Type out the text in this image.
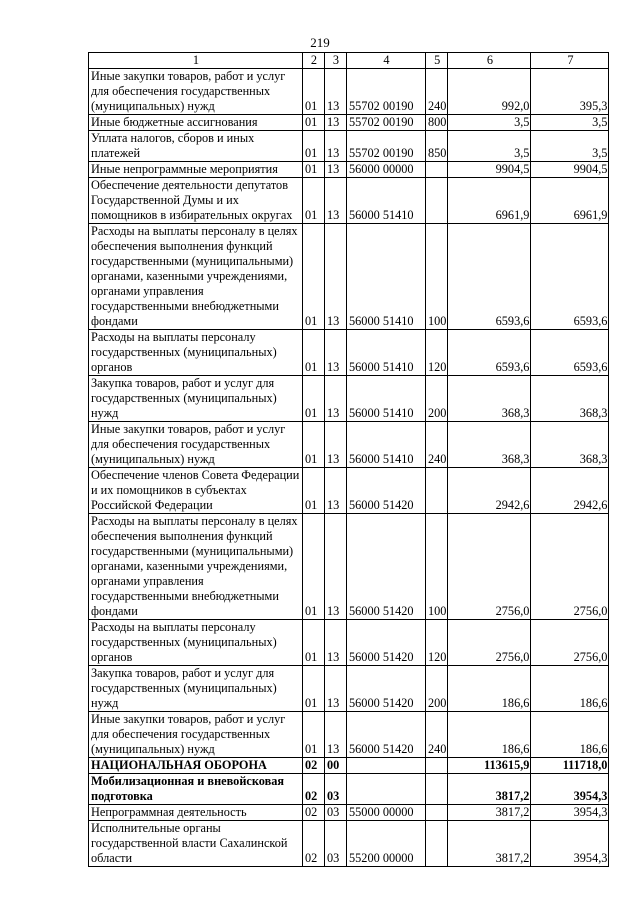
219
1	2	3	4	5	6	7
Иные закупки товаров, работ и услуг для обеспечения государственных (муниципальных) нужд	01	13	55702 00190	240	992,0	395,3
Иные бюджетные ассигнования	01	13	55702 00190	800	3,5	3,5
Уплата налогов, сборов и иных платежей	01	13	55702 00190	850	3,5	3,5
Иные непрограммные мероприятия	01	13	56000 00000		9904,5	9904,5
Обеспечение деятельности депутатов Государственной Думы и их помощников в избирательных округах	01	13	56000 51410		6961,9	6961,9
Расходы на выплаты персоналу в целях обеспечения выполнения функций государственными (муниципальными) органами, казенными учреждениями, органами управления государственными внебюджетными фондами	01	13	56000 51410	100	6593,6	6593,6
Расходы на выплаты персоналу государственных (муниципальных) органов	01	13	56000 51410	120	6593,6	6593,6
Закупка товаров, работ и услуг для государственных (муниципальных) нужд	01	13	56000 51410	200	368,3	368,3
Иные закупки товаров, работ и услуг для обеспечения государственных (муниципальных) нужд	01	13	56000 51410	240	368,3	368,3
Обеспечение членов Совета Федерации и их помощников в субъектах Российской Федерации	01	13	56000 51420		2942,6	2942,6
Расходы на выплаты персоналу в целях обеспечения выполнения функций государственными (муниципальными) органами, казенными учреждениями, органами управления государственными внебюджетными фондами	01	13	56000 51420	100	2756,0	2756,0
Расходы на выплаты персоналу государственных (муниципальных) органов	01	13	56000 51420	120	2756,0	2756,0
Закупка товаров, работ и услуг для государственных (муниципальных) нужд	01	13	56000 51420	200	186,6	186,6
Иные закупки товаров, работ и услуг для обеспечения государственных (муниципальных) нужд	01	13	56000 51420	240	186,6	186,6
НАЦИОНАЛЬНАЯ ОБОРОНА	02	00			113615,9	111718,0
Мобилизационная и вневойсковая подготовка	02	03			3817,2	3954,3
Непрограммная деятельность	02	03	55000 00000		3817,2	3954,3
Исполнительные органы государственной власти Сахалинской области	02	03	55200 00000		3817,2	3954,3
